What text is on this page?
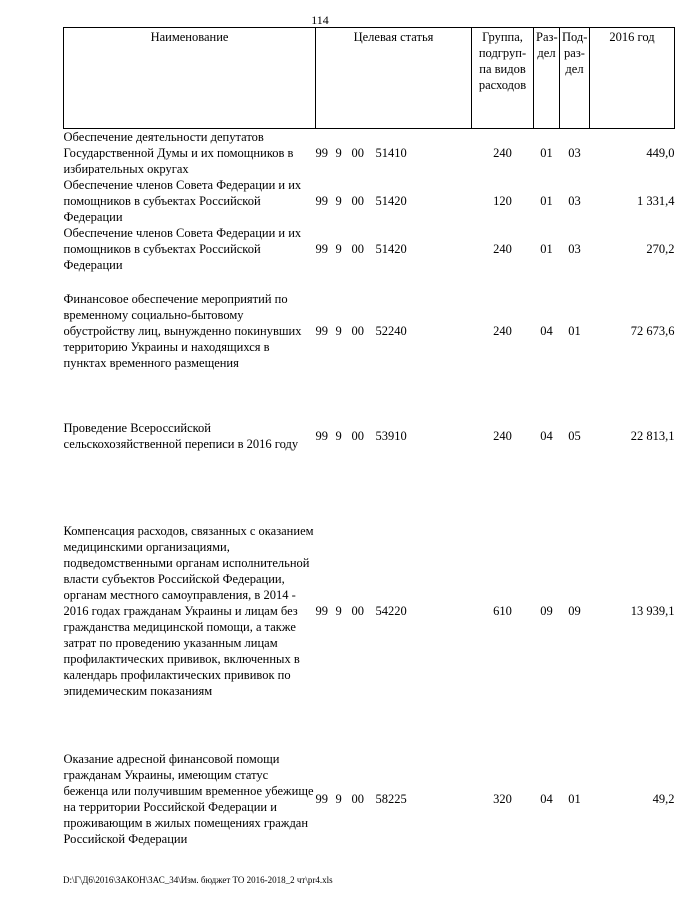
114
Наименование	Целевая статья	Группа, подгруп-па видов расходов	Раз-дел	Под-раз-дел	2016 год
Обеспечение деятельности депутатов Государственной Думы и их помощников в избирательных округах	99 9 00 51410	240	01	03	449,0
Обеспечение членов Совета Федерации и их помощников в субъектах Российской Федерации	99 9 00 51420	120	01	03	1 331,4
Обеспечение членов Совета Федерации и их помощников в субъектах Российской Федерации	99 9 00 51420	240	01	03	270,2

Финансовое обеспечение мероприятий по временному социально-бытовому обустройству лиц, вынужденно покинувших территорию Украины и находящихся в пунктах временного размещения	99 9 00 52240	240	04	01	72 673,6

Проведение Всероссийской сельскохозяйственной переписи в 2016 году	99 9 00 53910	240	04	05	22 813,1

Компенсация расходов, связанных с оказанием медицинскими организациями, подведомственными органам исполнительной власти субъектов Российской Федерации, органам местного самоуправления, в 2014 - 2016 годах гражданам Украины и лицам без гражданства медицинской помощи, а также затрат по проведению указанным лицам профилактических прививок, включенных в календарь профилактических прививок по эпидемическим показаниям	99 9 00 54220	610	09	09	13 939,1

Оказание адресной финансовой помощи гражданам Украины, имеющим статус беженца или получившим временное убежище на территории Российской Федерации и проживающим в жилых помещениях граждан Российской Федерации	99 9 00 58225	320	04	01	49,2
D:\Г\Д6\2016\ЗАКОН\ЗАС_34\Изм. бюджет ТО 2016-2018_2 чт\pr4.xls
